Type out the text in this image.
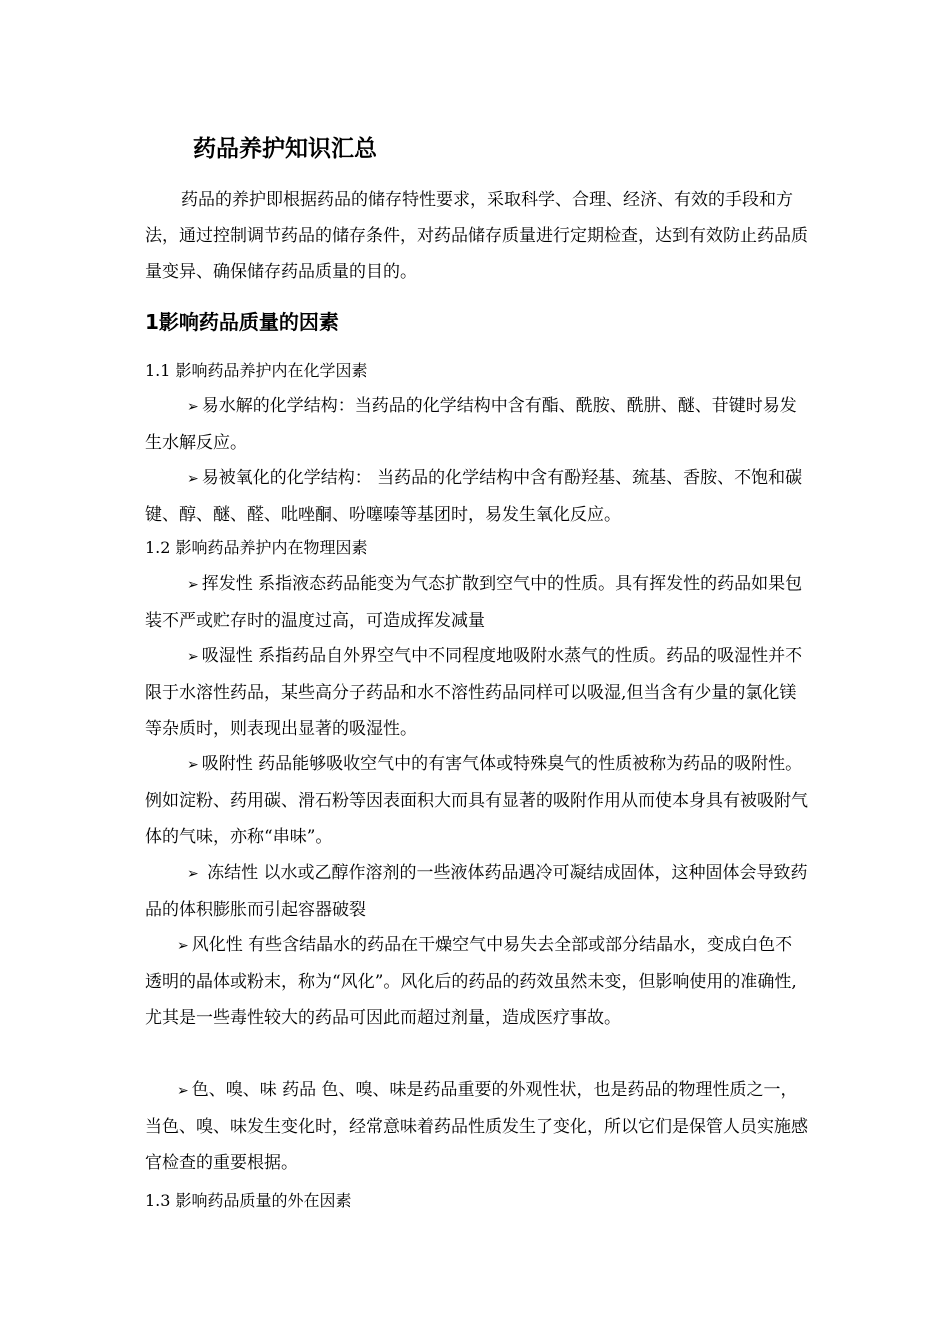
药品养护知识汇总

药品的养护即根据药品的储存特性要求，采取科学、合理、经济、有效的手段和方法，通过控制调节药品的储存条件，对药品储存质量进行定期检查，达到有效防止药品质量变异、确保储存药品质量的目的。

1影响药品质量的因素

1.1 影响药品养护内在化学因素

➢ 易水解的化学结构：当药品的化学结构中含有酯、酰胺、酰肼、醚、苷键时易发生水解反应。

➢ 易被氧化的化学结构： 当药品的化学结构中含有酚羟基、巯基、香胺、不饱和碳键、醇、醚、醛、吡唑酮、吩噻嗪等基团时，易发生氧化反应。

1.2 影响药品养护内在物理因素

➢ 挥发性 系指液态药品能变为气态扩散到空气中的性质。具有挥发性的药品如果包装不严或贮存时的温度过高，可造成挥发减量

➢ 吸湿性 系指药品自外界空气中不同程度地吸附水蒸气的性质。药品的吸湿性并不限于水溶性药品，某些高分子药品和水不溶性药品同样可以吸湿,但当含有少量的氯化镁等杂质时，则表现出显著的吸湿性。

➢ 吸附性 药品能够吸收空气中的有害气体或特殊臭气的性质被称为药品的吸附性。例如淀粉、药用碳、滑石粉等因表面积大而具有显著的吸附作用从而使本身具有被吸附气体的气味，亦称“串味”。

➢ 冻结性 以水或乙醇作溶剂的一些液体药品遇冷可凝结成固体，这种固体会导致药品的体积膨胀而引起容器破裂

➢ 风化性 有些含结晶水的药品在干燥空气中易失去全部或部分结晶水，变成白色不透明的晶体或粉末，称为“风化”。风化后的药品的药效虽然未变，但影响使用的准确性,尤其是一些毒性较大的药品可因此而超过剂量，造成医疗事故。

➢ 色、嗅、味 药品 色、嗅、味是药品重要的外观性状，也是药品的物理性质之一，当色、嗅、味发生变化时，经常意味着药品性质发生了变化，所以它们是保管人员实施感官检查的重要根据。

1.3 影响药品质量的外在因素
